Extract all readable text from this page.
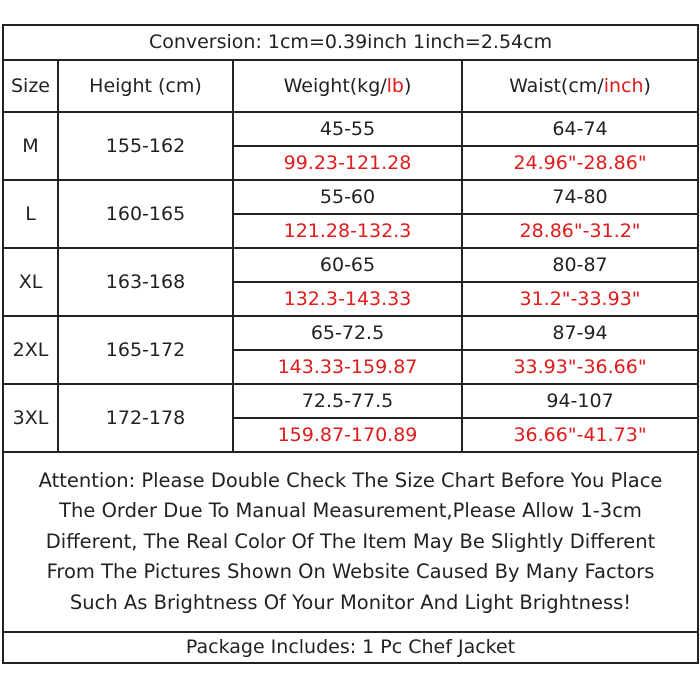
Conversion: 1cm=0.39inch 1inch=2.54cm			
Size	Height (cm)	Weight(kg/lb)	Waist(cm/inch)
M	155-162	45-55	64-74
		99.23-121.28	24.96"-28.86"
L	160-165	55-60	74-80
		121.28-132.3	28.86"-31.2"
XL	163-168	60-65	80-87
		132.3-143.33	31.2"-33.93"
2XL	165-172	65-72.5	87-94
		143.33-159.87	33.93"-36.66"
3XL	172-178	72.5-77.5	94-107
		159.87-170.89	36.66"-41.73"

Attention: Please Double Check The Size Chart Before You Place
The Order Due To Manual Measurement,Please Allow 1-3cm
Different, The Real Color Of The Item May Be Slightly Different
From The Pictures Shown On Website Caused By Many Factors
Such As Brightness Of Your Monitor And Light Brightness!			

Package Includes: 1 Pc Chef Jacket			
